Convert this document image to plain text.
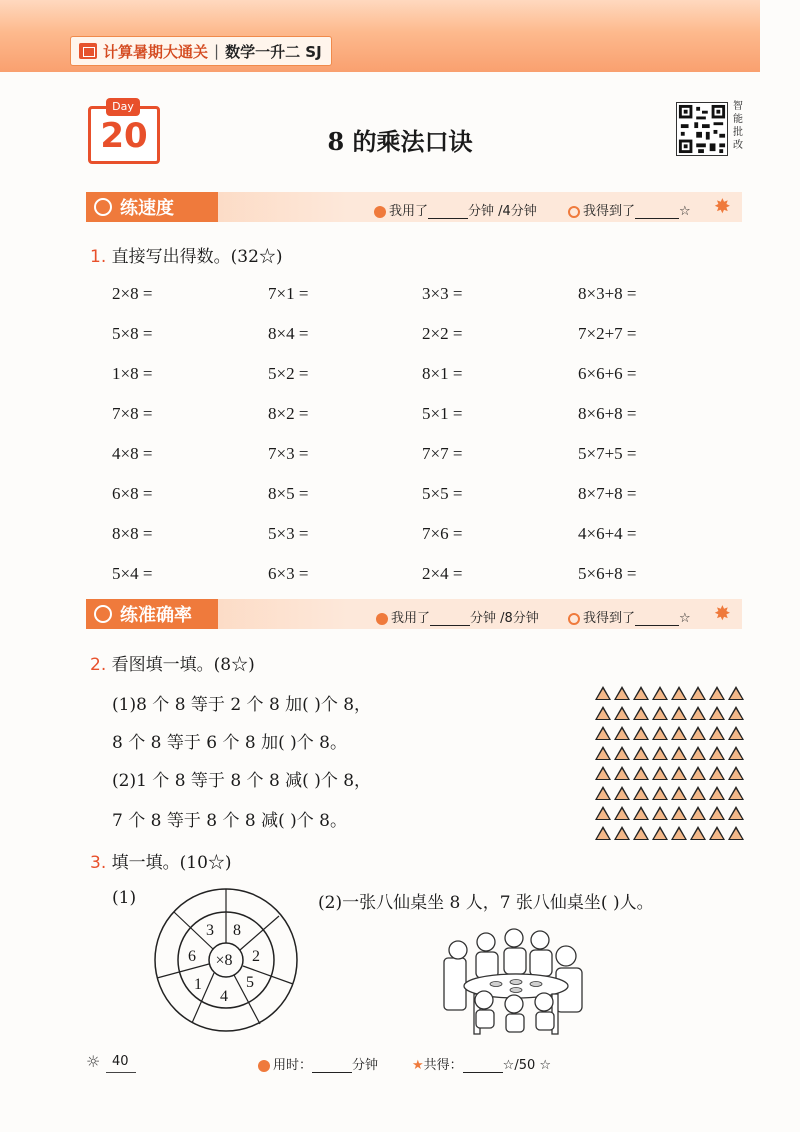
计算暑期大通关 | 数学一升二 SJ
Day
20	8 的乘法口诀
智
能
批
改
练速度	我用了	分钟 /4分钟	我得到了	☆ ✸
1. 直接写出得数。(32☆)
练准确率	我用了	分钟 /8分钟	我得到了	☆ ✸
2. 看图填一填。(8☆)
(1)8 个 8 等于 2 个 8 加( )个 8，
8 个 8 等于 6 个 8 加( )个 8。
(2)1 个 8 等于 8 个 8 减( )个 8，
7 个 8 等于 8 个 8 减( )个 8。
3. 填一填。(10☆)
(1)	(2)一张八仙桌坐 8 人，7 张八仙桌坐( )人。
3	8
2
5
4
1
6	×8
用时：	分钟	★共得：	☆/50 ☆
☼ 40
2×8 =	7×1 =	3×3 =	8×3+8 =
5×8 =	8×4 =	2×2 =	7×2+7 =
1×8 =	5×2 =	8×1 =	6×6+6 =
7×8 =	8×2 =	5×1 =	8×6+8 =
4×8 =	7×3 =	7×7 =	5×7+5 =
6×8 =	8×5 =	5×5 =	8×7+8 =
8×8 =	5×3 =	7×6 =	4×6+4 =
5×4 =	6×3 =	2×4 =	5×6+8 =
